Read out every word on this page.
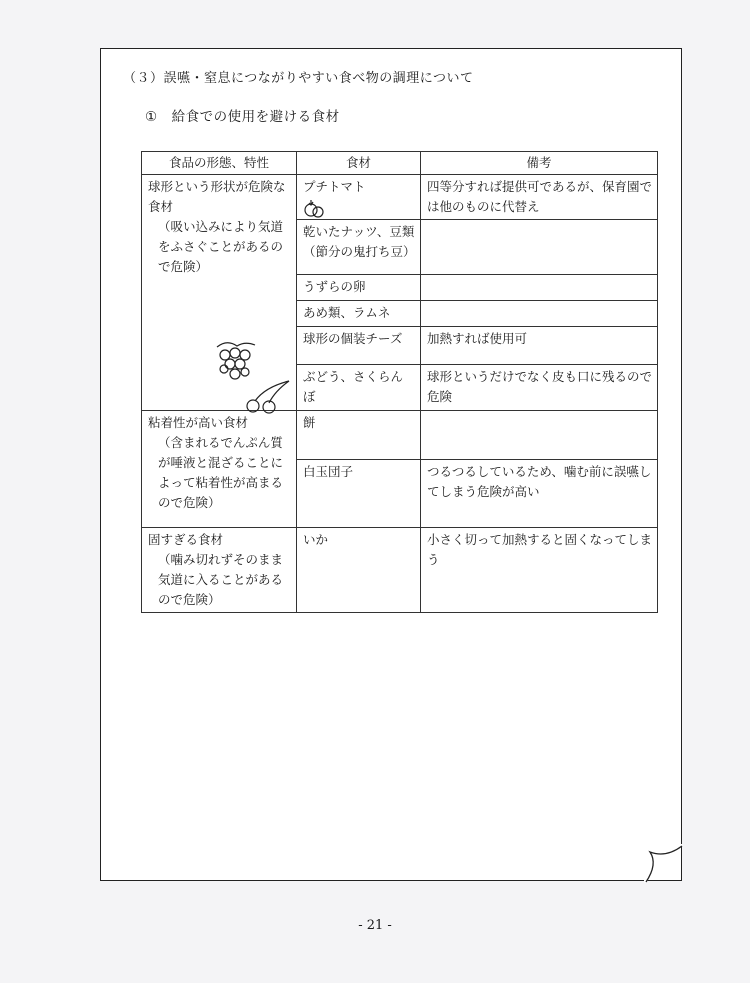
（３）誤嚥・窒息につながりやすい食べ物の調理について
① 給食での使用を避ける食材
食品の形態、特性	食材	備考

球形という形状が危険な食材
（吸い込みにより気道をふさぐことがあるので危険）	プチトマト	四等分すれば提供可であるが、保育園では他のものに代替え
	乾いたナッツ、豆類（節分の鬼打ち豆）	
	うずらの卵	
	あめ類、ラムネ	
	球形の個装チーズ	加熱すれば使用可
	ぶどう、さくらんぼ	球形というだけでなく皮も口に残るので危険

粘着性が高い食材
（含まれるでんぷん質が唾液と混ざることによって粘着性が高まるので危険）	餅	
	白玉団子	つるつるしているため、噛む前に誤嚥してしまう危険が高い

固すぎる食材
（噛み切れずそのまま気道に入ることがあるので危険）	いか	小さく切って加熱すると固くなってしまう
- 21 -
